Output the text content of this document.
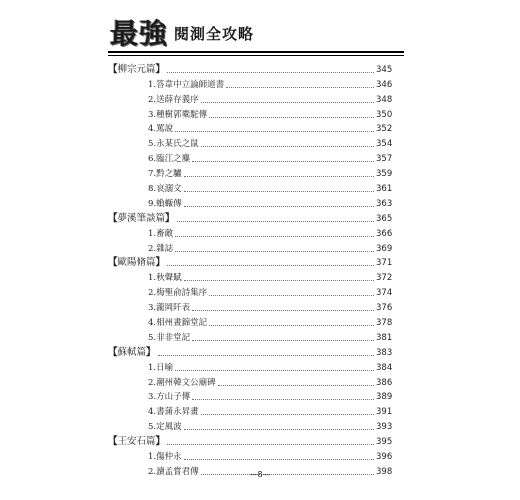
最強 閱測全攻略
【柳宗元篇】	345
1.答韋中立論師道書	346
2.送薛存義序	348
3.種樹郭橐駝傳	350
4.罵說	352
5.永某氏之鼠	354
6.臨江之麋	357
7.黔之驢	359
8.哀溺文	361
9.蝜蝂傳	363
【夢溪筆談篇】	365
1.畜敵	366
2.雜誌	369
【歐陽脩篇】	371
1.秋聲賦	372
2.梅聖俞詩集序	374
3.瀧岡阡表	376
4.相州晝錦堂記	378
5.非非堂記	381
【蘇軾篇】	383
1.日喻	384
2.潮州韓文公廟碑	386
3.方山子傳	389
4.書蒲永昇畫	391
5.定風波	393
【王安石篇】	395
1.傷仲永	396
2.讀孟嘗君傳	398
—8—
